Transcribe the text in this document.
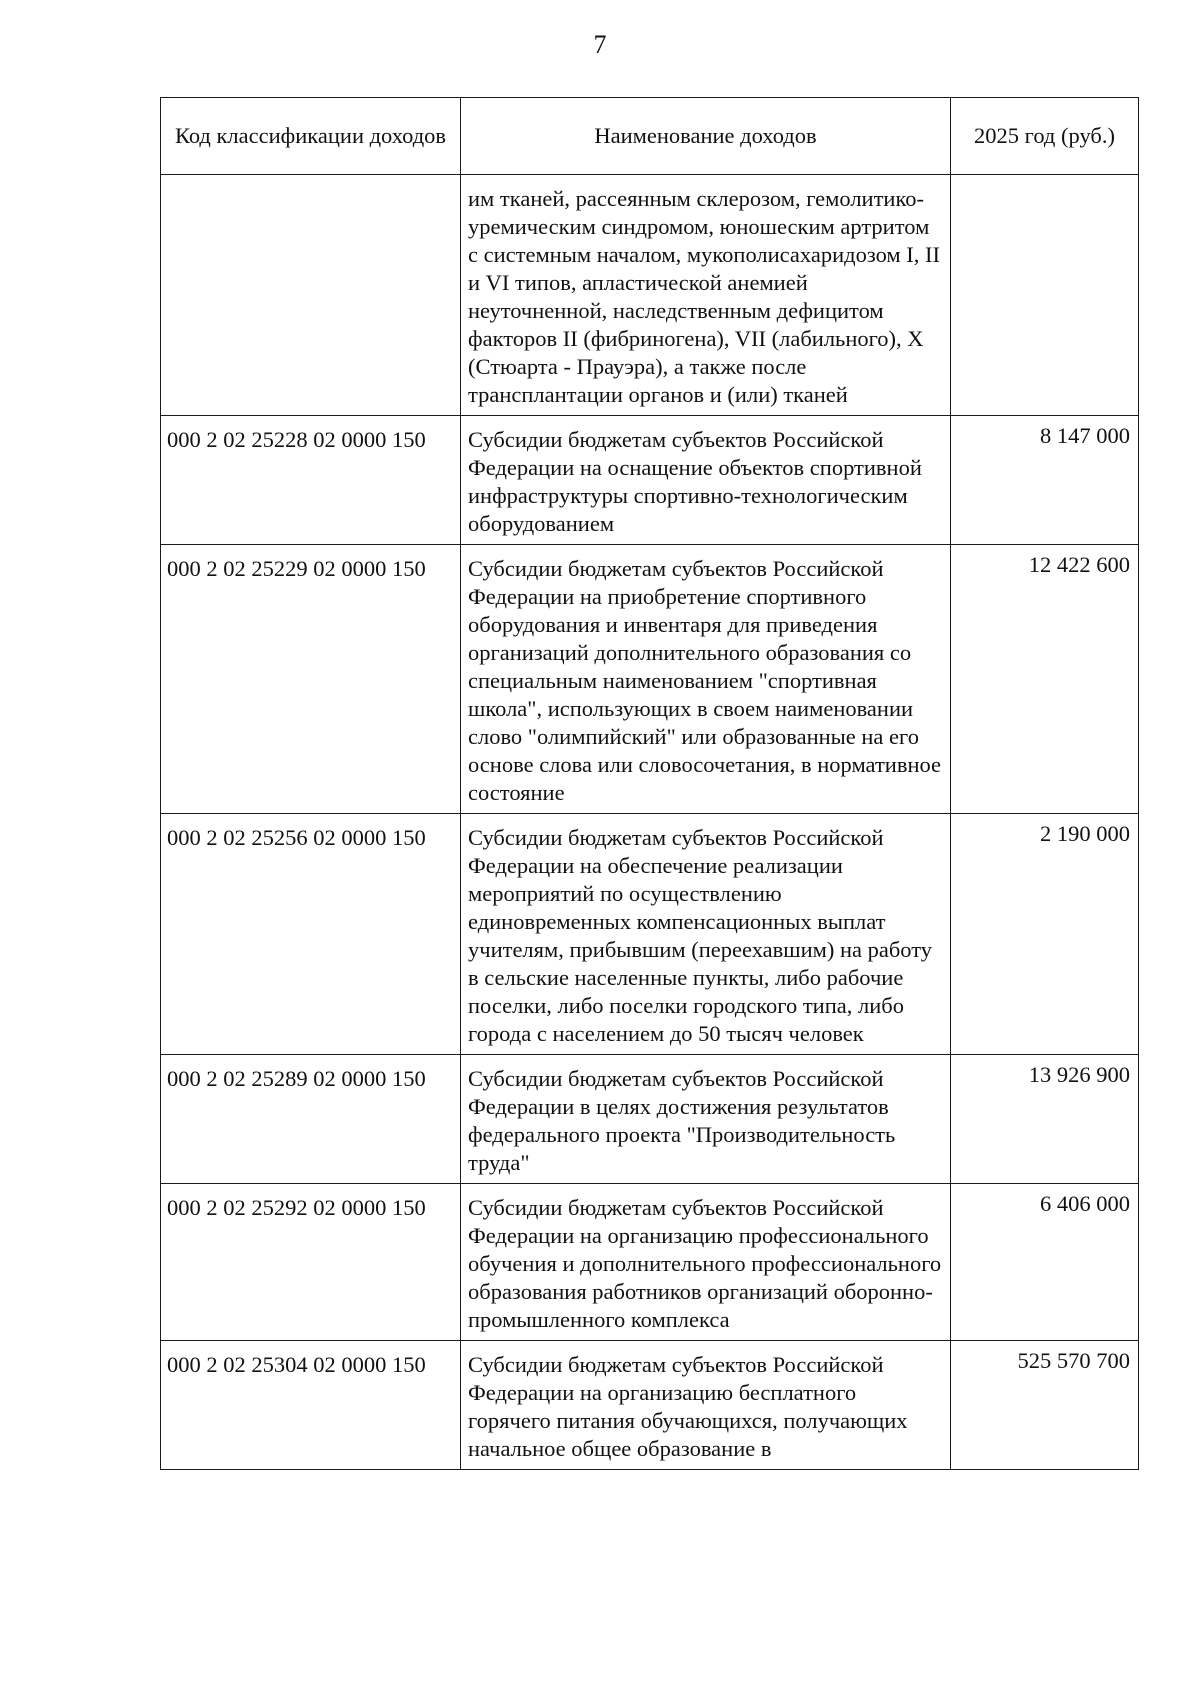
7
Код классификации доходов	Наименование доходов	2025 год (руб.)
	им тканей, рассеянным склерозом, гемолитико-уремическим синдромом, юношеским артритом с системным началом, мукополисахаридозом I, II и VI типов, апластической анемией неуточненной, наследственным дефицитом факторов II (фибриногена), VII (лабильного), X (Стюарта - Прауэра), а также после трансплантации органов и (или) тканей	
000 2 02 25228 02 0000 150	Субсидии бюджетам субъектов Российской Федерации на оснащение объектов спортивной инфраструктуры спортивно-технологическим оборудованием	8 147 000
000 2 02 25229 02 0000 150	Субсидии бюджетам субъектов Российской Федерации на приобретение спортивного оборудования и инвентаря для приведения организаций дополнительного образования со специальным наименованием "спортивная школа", использующих в своем наименовании слово "олимпийский" или образованные на его основе слова или словосочетания, в нормативное состояние	12 422 600
000 2 02 25256 02 0000 150	Субсидии бюджетам субъектов Российской Федерации на обеспечение реализации мероприятий по осуществлению единовременных компенсационных выплат учителям, прибывшим (переехавшим) на работу в сельские населенные пункты, либо рабочие поселки, либо поселки городского типа, либо города с населением до 50 тысяч человек	2 190 000
000 2 02 25289 02 0000 150	Субсидии бюджетам субъектов Российской Федерации в целях достижения результатов федерального проекта "Производительность труда"	13 926 900
000 2 02 25292 02 0000 150	Субсидии бюджетам субъектов Российской Федерации на организацию профессионального обучения и дополнительного профессионального образования работников организаций оборонно-промышленного комплекса	6 406 000
000 2 02 25304 02 0000 150	Субсидии бюджетам субъектов Российской Федерации на организацию бесплатного горячего питания обучающихся, получающих начальное общее образование в	525 570 700
